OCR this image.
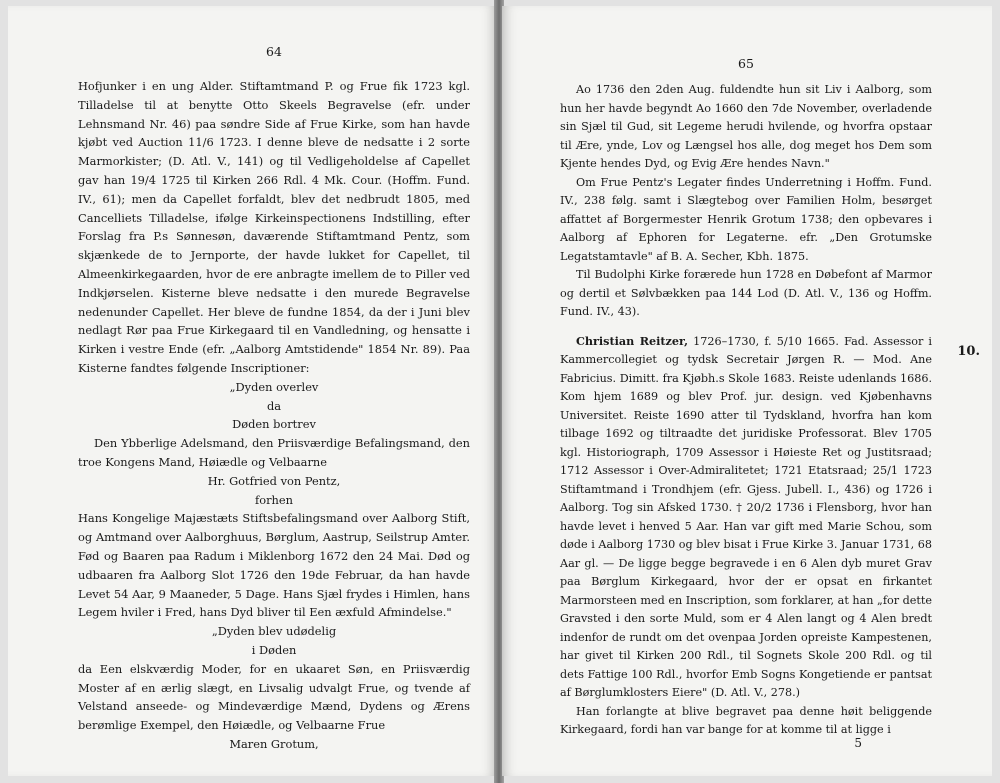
64

Hofjunker i en ung Alder. Stiftamtmand P. og Frue fik 1723 kgl. Tilladelse til at benytte Otto Skeels Begravelse (efr. under Lehnsmand Nr. 46) paa søndre Side af Frue Kirke, som han havde kjøbt ved Auction 11/6 1723. I denne bleve de nedsatte i 2 sorte Marmorkister; (D. Atl. V., 141) og til Vedligeholdelse af Capellet gav han 19/4 1725 til Kirken 266 Rdl. 4 Mk. Cour. (Hoffm. Fund. IV., 61); men da Capellet forfaldt, blev det nedbrudt 1805, med Cancelliets Tilladelse, ifølge Kirkeinspectionens Indstilling, efter Forslag fra P.s Sønnesøn, daværende Stiftamtmand Pentz, som skjænkede de to Jernporte, der havde lukket for Capellet, til Almeenkirkegaarden, hvor de ere anbragte imellem de to Piller ved Indkjørselen. Kisterne bleve nedsatte i den murede Begravelse nedenunder Capellet. Her bleve de fundne 1854, da der i Juni blev nedlagt Rør paa Frue Kirkegaard til en Vandledning, og hensatte i Kirken i vestre Ende (efr. „Aalborg Amtstidende" 1854 Nr. 89). Paa Kisterne fandtes følgende Inscriptioner:

„Dyden overlev
da
Døden bortrev

Den Ybberlige Adelsmand, den Priisværdige Befalingsmand, den troe Kongens Mand, Høiædle og Velbaarne

Hr. Gotfried von Pentz,
forhen

Hans Kongelige Majæstæts Stiftsbefalingsmand over Aalborg Stift, og Amtmand over Aalborghuus, Børglum, Aastrup, Seilstrup Amter. Fød og Baaren paa Radum i Miklenborg 1672 den 24 Mai. Død og udbaaren fra Aalborg Slot 1726 den 19de Februar, da han havde Levet 54 Aar, 9 Maaneder, 5 Dage. Hans Sjæl frydes i Himlen, hans Legem hviler i Fred, hans Dyd bliver til Een æxfuld Afmindelse."

„Dyden blev udødelig
i Døden

da Een elskværdig Moder, for en ukaaret Søn, en Priisværdig Moster af en ærlig slægt, en Livsalig udvalgt Frue, og tvende af Velstand anseede- og Mindeværdige Mænd, Dydens og Ærens berømlige Exempel, den Høiædle, og Velbaarne Frue

Maren Grotum,
65

Ao 1736 den 2den Aug. fuldendte hun sit Liv i Aalborg, som hun her havde begyndt Ao 1660 den 7de November, overladende sin Sjæl til Gud, sit Legeme herudi hvilende, og hvorfra opstaar til Ære, ynde, Lov og Længsel hos alle, dog meget hos Dem som Kjente hendes Dyd, og Evig Ære hendes Navn."

Om Frue Pentz's Legater findes Underretning i Hoffm. Fund. IV., 238 følg. samt i Slægtebog over Familien Holm, besørget affattet af Borgermester Henrik Grotum 1738; den opbevares i Aalborg af Ephoren for Legaterne. efr. „Den Grotumske Legatstamtavle" af B. A. Secher, Kbh. 1875.

Til Budolphi Kirke forærede hun 1728 en Døbefont af Marmor og dertil et Sølvbækken paa 144 Lod (D. Atl. V., 136 og Hoffm. Fund. IV., 43).

Christian Reitzer, 1726–1730, f. 5/10 1665. Fad. Assessor i Kammercollegiet og tydsk Secretair Jørgen R. — Mod. Ane Fabricius. Dimitt. fra Kjøbh.s Skole 1683. Reiste udenlands 1686. Kom hjem 1689 og blev Prof. jur. design. ved Kjøbenhavns Universitet. Reiste 1690 atter til Tydskland, hvorfra han kom tilbage 1692 og tiltraadte det juridiske Professorat. Blev 1705 kgl. Historiograph, 1709 Assessor i Høieste Ret og Justitsraad; 1712 Assessor i Over-Admiralitetet; 1721 Etatsraad; 25/1 1723 Stiftamtmand i Trondhjem (efr. Gjess. Jubell. I., 436) og 1726 i Aalborg. Tog sin Afsked 1730. † 20/2 1736 i Flensborg, hvor han havde levet i henved 5 Aar. Han var gift med Marie Schou, som døde i Aalborg 1730 og blev bisat i Frue Kirke 3. Januar 1731, 68 Aar gl. — De ligge begge begravede i en 6 Alen dyb muret Grav paa Børglum Kirkegaard, hvor der er opsat en firkantet Marmorsteen med en Inscription, som forklarer, at han „for dette Gravsted i den sorte Muld, som er 4 Alen langt og 4 Alen bredt indenfor de rundt om det ovenpaa Jorden opreiste Kampestenen, har givet til Kirken 200 Rdl., til Sognets Skole 200 Rdl. og til dets Fattige 100 Rdl., hvorfor Emb Sogns Kongetiende er pantsat af Børglumklosters Eiere" (D. Atl. V., 278.)

Han forlangte at blive begravet paa denne høit beliggende Kirkegaard, fordi han var bange for at komme til at ligge i

10.
5
